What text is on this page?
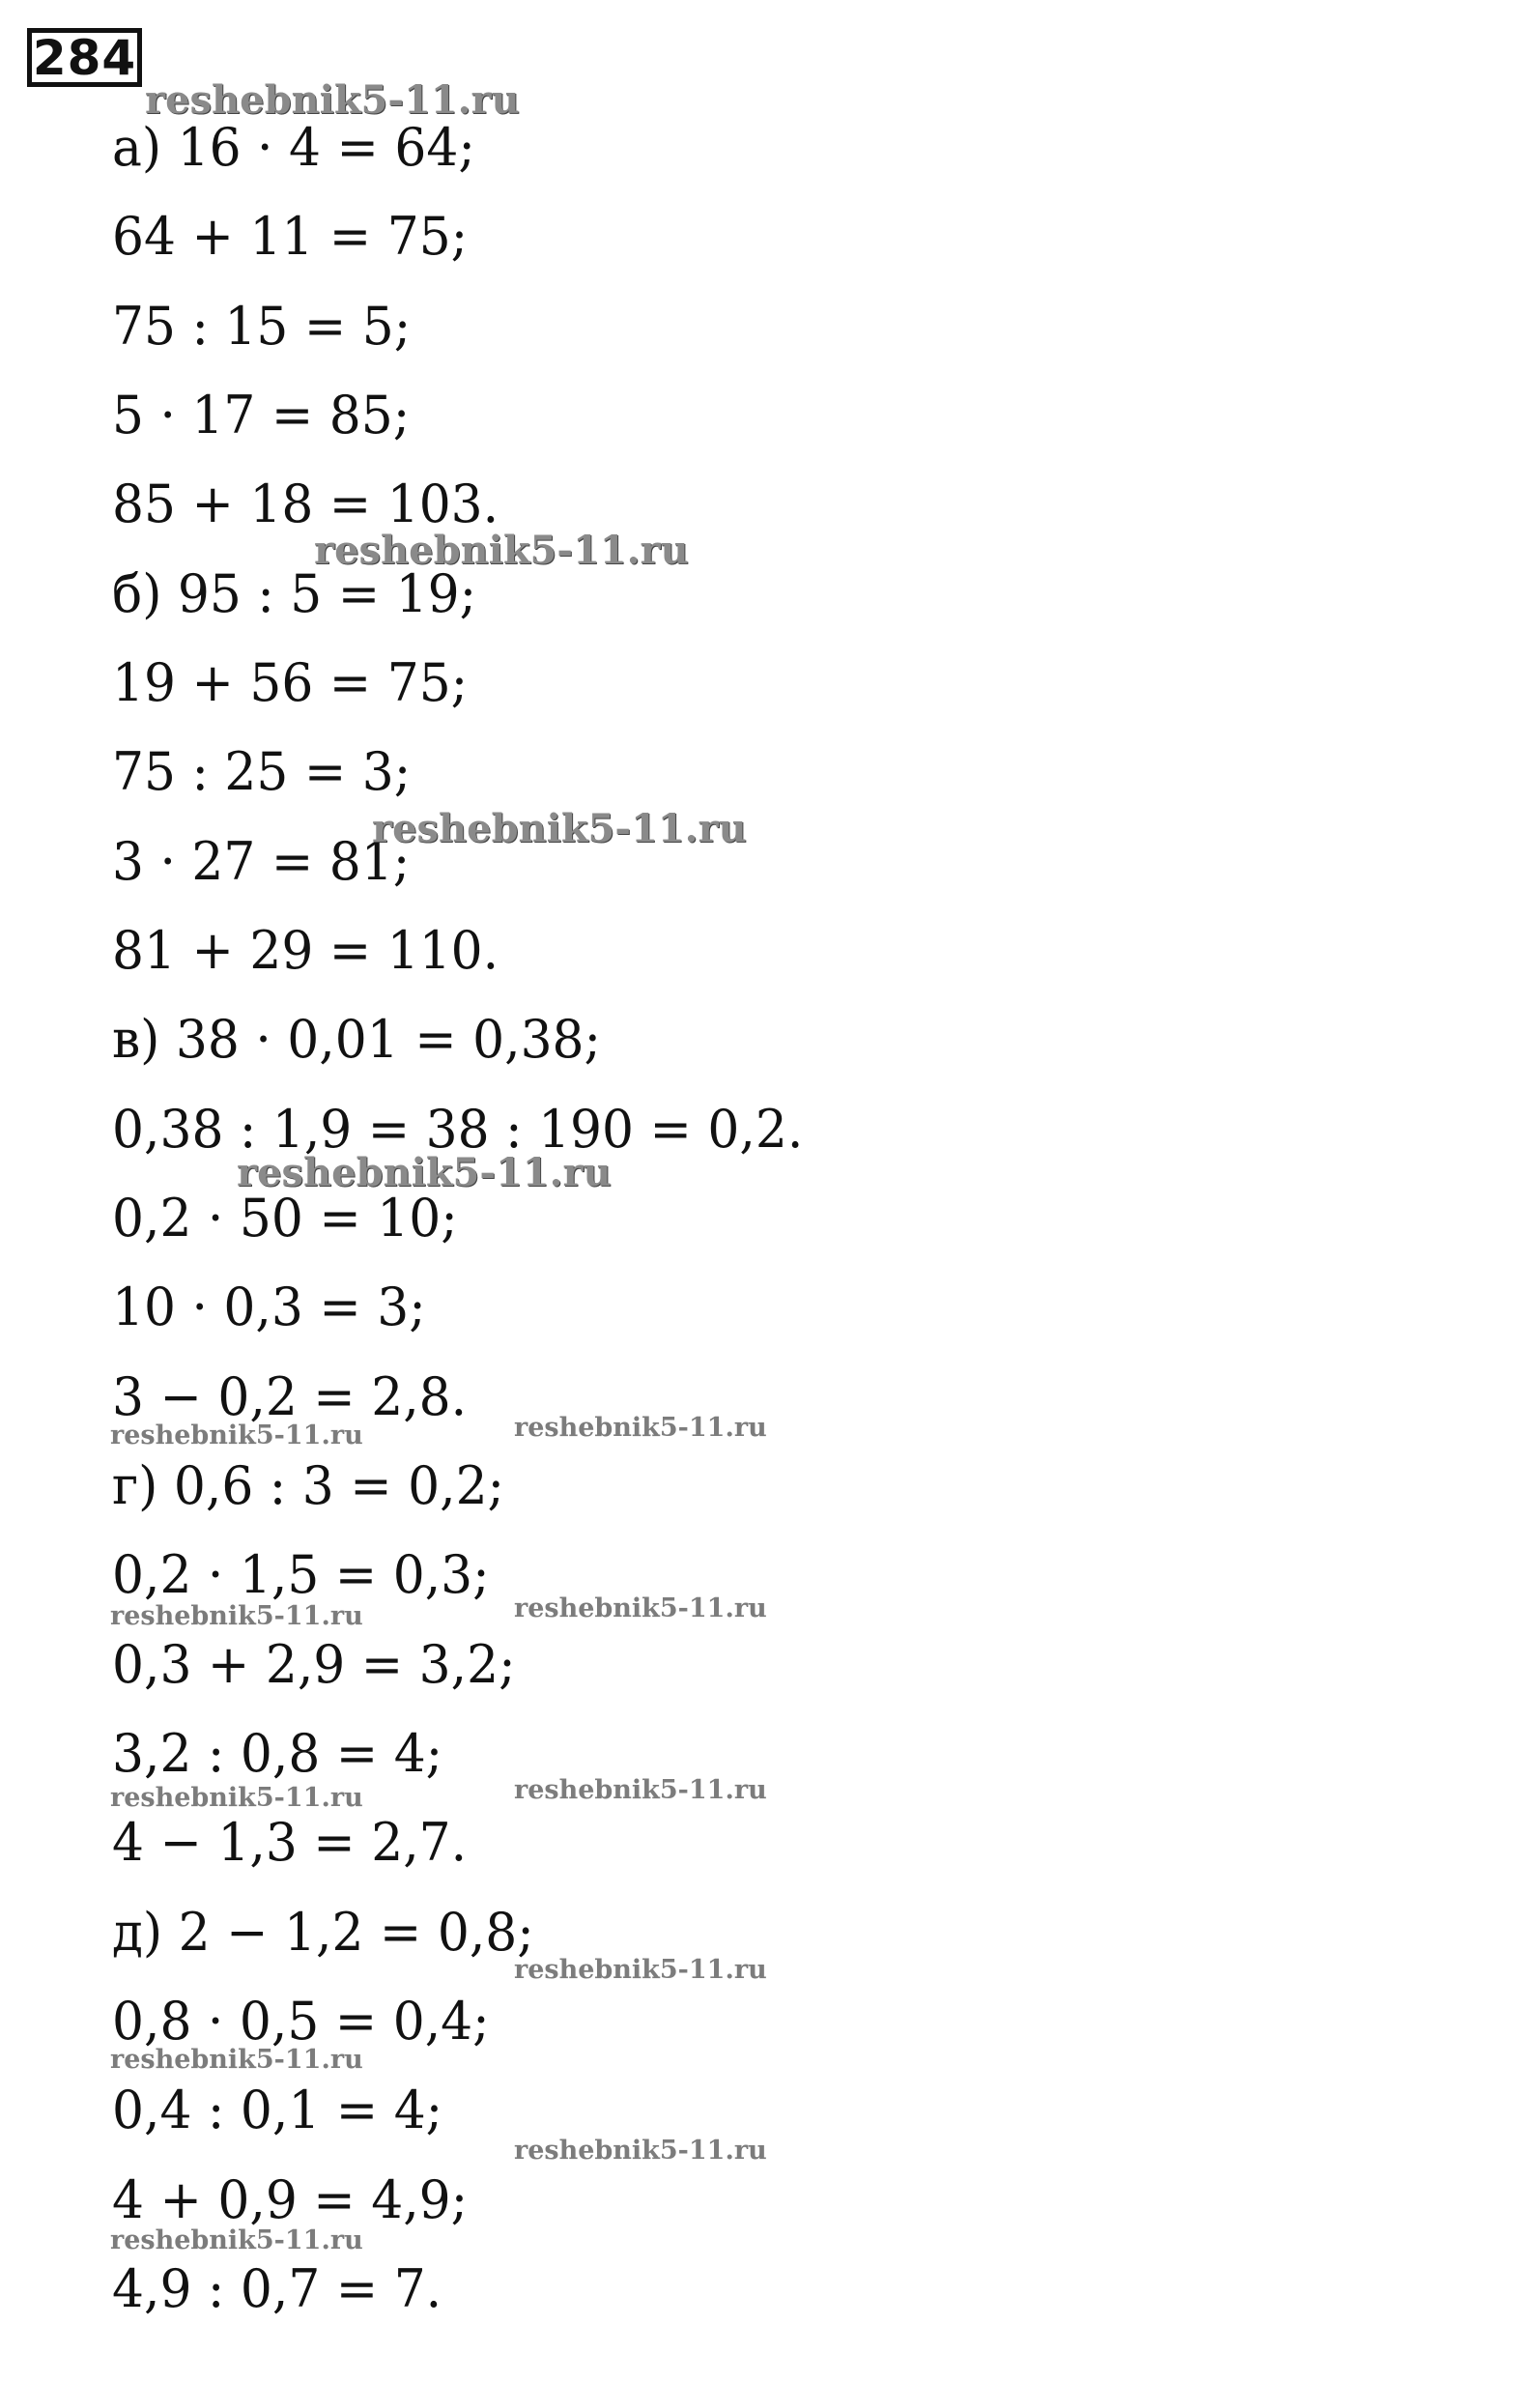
284
а) 16 · 4 = 64;
64 + 11 = 75;
75 : 15 = 5;
5 · 17 = 85;
85 + 18 = 103.
б) 95 : 5 = 19;
19 + 56 = 75;
75 : 25 = 3;
3 · 27 = 81;
81 + 29 = 110.
в) 38 · 0,01 = 0,38;
0,38 : 1,9 = 38 : 190 = 0,2.
0,2 · 50 = 10;
10 · 0,3 = 3;
3 − 0,2 = 2,8.
г) 0,6 : 3 = 0,2;
0,2 · 1,5 = 0,3;
0,3 + 2,9 = 3,2;
3,2 : 0,8 = 4;
4 − 1,3 = 2,7.
д) 2 − 1,2 = 0,8;
0,8 · 0,5 = 0,4;
0,4 : 0,1 = 4;
4 + 0,9 = 4,9;
4,9 : 0,7 = 7.
reshebnik5-11.ru
reshebnik5-11.ru
reshebnik5-11.ru
reshebnik5-11.ru
reshebnik5-11.ru	reshebnik5-11.ru
reshebnik5-11.ru	reshebnik5-11.ru
reshebnik5-11.ru	reshebnik5-11.ru
reshebnik5-11.ru
reshebnik5-11.ru
reshebnik5-11.ru
reshebnik5-11.ru
